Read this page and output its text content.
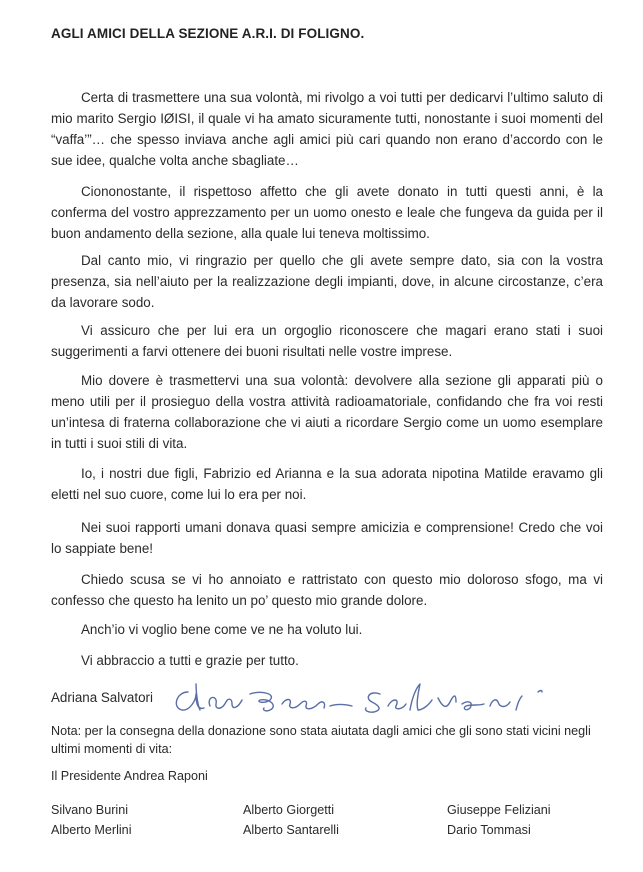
AGLI AMICI DELLA SEZIONE A.R.I. DI FOLIGNO.

Certa di trasmettere una sua volontà, mi rivolgo a voi tutti per dedicarvi l’ultimo saluto di mio marito Sergio IØISI, il quale vi ha amato sicuramente tutti, nonostante i suoi momenti del “vaffa’”… che spesso inviava anche agli amici più cari quando non erano d’accordo con le sue idee, qualche volta anche sbagliate…

Ciononostante, il rispettoso affetto che gli avete donato in tutti questi anni, è la conferma del vostro apprezzamento per un uomo onesto e leale che fungeva da guida per il buon andamento della sezione, alla quale lui teneva moltissimo.

Dal canto mio, vi ringrazio per quello che gli avete sempre dato, sia con la vostra presenza, sia nell’aiuto per la realizzazione degli impianti, dove, in alcune circostanze, c’era da lavorare sodo.

Vi assicuro che per lui era un orgoglio riconoscere che magari erano stati i suoi suggerimenti a farvi ottenere dei buoni risultati nelle vostre imprese.

Mio dovere è trasmettervi una sua volontà: devolvere alla sezione gli apparati più o meno utili per il prosieguo della vostra attività radioamatoriale, confidando che fra voi resti un’intesa di fraterna collaborazione che vi aiuti a ricordare Sergio come un uomo esemplare in tutti i suoi stili di vita.

Io, i nostri due figli, Fabrizio ed Arianna e la sua adorata nipotina Matilde eravamo gli eletti nel suo cuore, come lui lo era per noi.

Nei suoi rapporti umani donava quasi sempre amicizia e comprensione! Credo che voi lo sappiate bene!

Chiedo scusa se vi ho annoiato e rattristato con questo mio doloroso sfogo, ma vi confesso che questo ha lenito un po’ questo mio grande dolore.

Anch’io vi voglio bene come ve ne ha voluto lui.

Vi abbraccio a tutti e grazie per tutto.

Adriana Salvatori
Nota: per la consegna della donazione sono stata aiutata dagli amici che gli sono stati vicini negli ultimi momenti di vita:
Il Presidente Andrea Raponi
Silvano Burini
Alberto Merlini
Alberto Giorgetti
Alberto Santarelli
Giuseppe Feliziani
Dario Tommasi
